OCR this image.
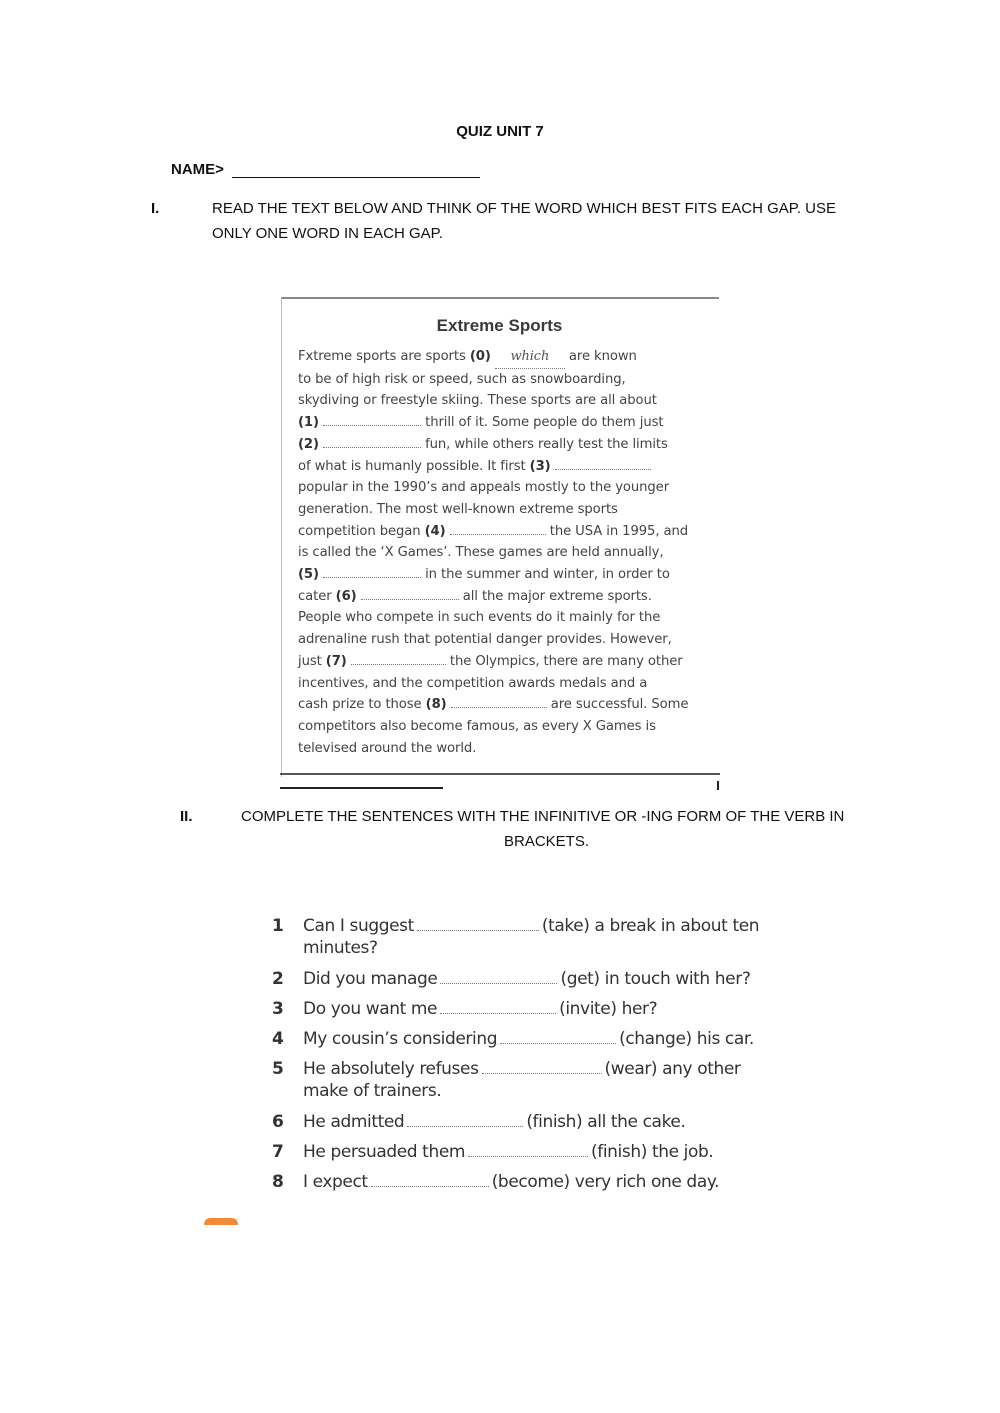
QUIZ UNIT 7
NAME>
I.	READ THE TEXT BELOW AND THINK OF THE WORD WHICH BEST FITS EACH GAP. USE
ONLY ONE WORD IN EACH GAP.
Extreme Sports
Fxtreme sports are sports (0) which are known
to be of high risk or speed, such as snowboarding,
skydiving or freestyle skiing. These sports are all about
(1)	thrill of it. Some people do them just
(2)	fun, while others really test the limits
of what is humanly possible. It first (3)
popular in the 1990’s and appeals mostly to the younger
generation. The most well-known extreme sports
competition began (4)	the USA in 1995, and
is called the ‘X Games’. These games are held annually,
(5)	in the summer and winter, in order to
cater (6)	all the major extreme sports.
People who compete in such events do it mainly for the
adrenaline rush that potential danger provides. However,
just (7)	the Olympics, there are many other
incentives, and the competition awards medals and a
cash prize to those (8)	are successful. Some
competitors also become famous, as every X Games is
televised around the world.
II.	COMPLETE THE SENTENCES WITH THE INFINITIVE OR -ING FORM OF THE VERB IN
BRACKETS.
1 Can I suggest	(take) a break in about ten
minutes?
2 Did you manage	(get) in touch with her?
3 Do you want me	(invite) her?
4 My cousin’s considering	(change) his car.
5 He absolutely refuses	(wear) any other
make of trainers.
6 He admitted	(finish) all the cake.
7 He persuaded them	(finish) the job.
8 I expect	(become) very rich one day.
